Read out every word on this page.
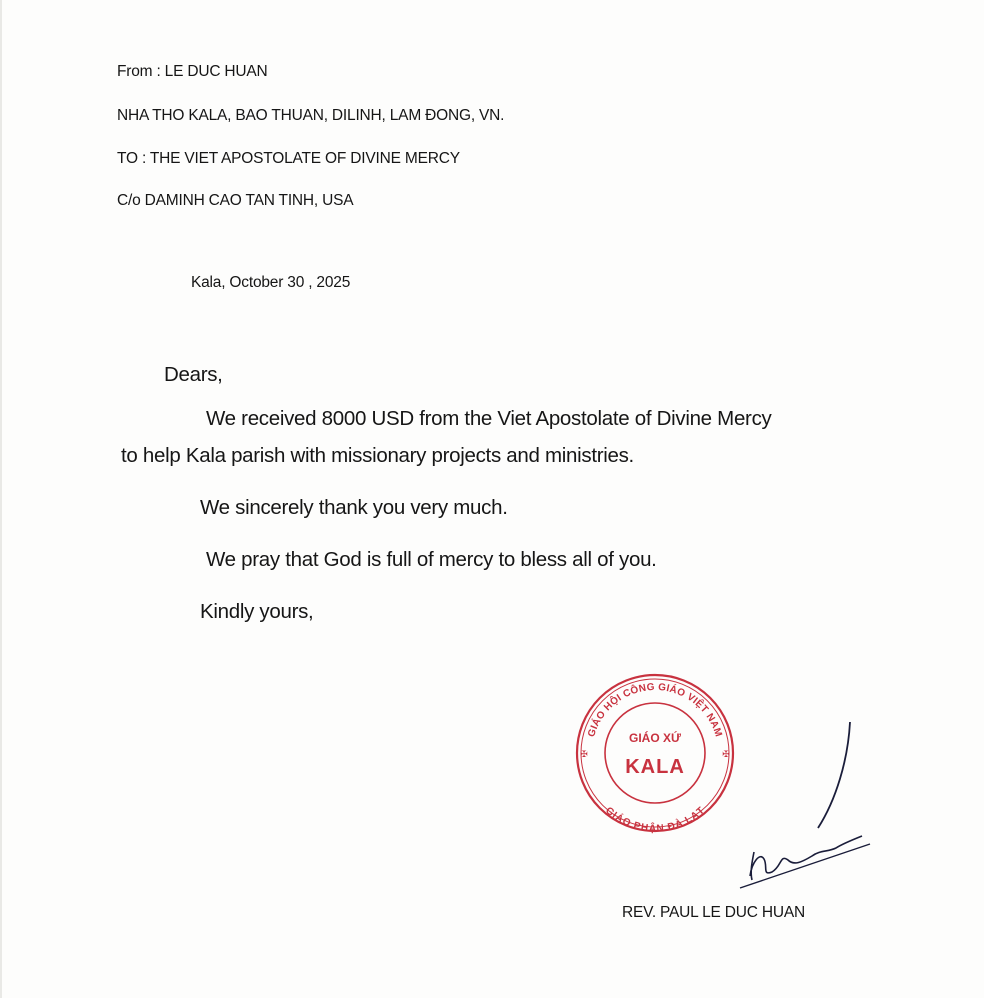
From : LE DUC HUAN
NHA THO KALA, BAO THUAN, DILINH, LAM ĐONG, VN.
TO : THE VIET APOSTOLATE OF DIVINE MERCY
C/o DAMINH CAO TAN TINH, USA
Kala, October 30 , 2025
Dears,
We received 8000 USD from the Viet Apostolate of Divine Mercy
to help Kala parish with missionary projects and ministries.
We sincerely thank you very much.
We pray that God is full of mercy to bless all of you.
Kindly yours,
GIÁO HỘI CÔNG GIÁO VIỆT NAM
GIÁO PHẬN ĐÀ LẠT
✠	✠
GIÁO XỨ
KALA
REV. PAUL LE DUC HUAN
